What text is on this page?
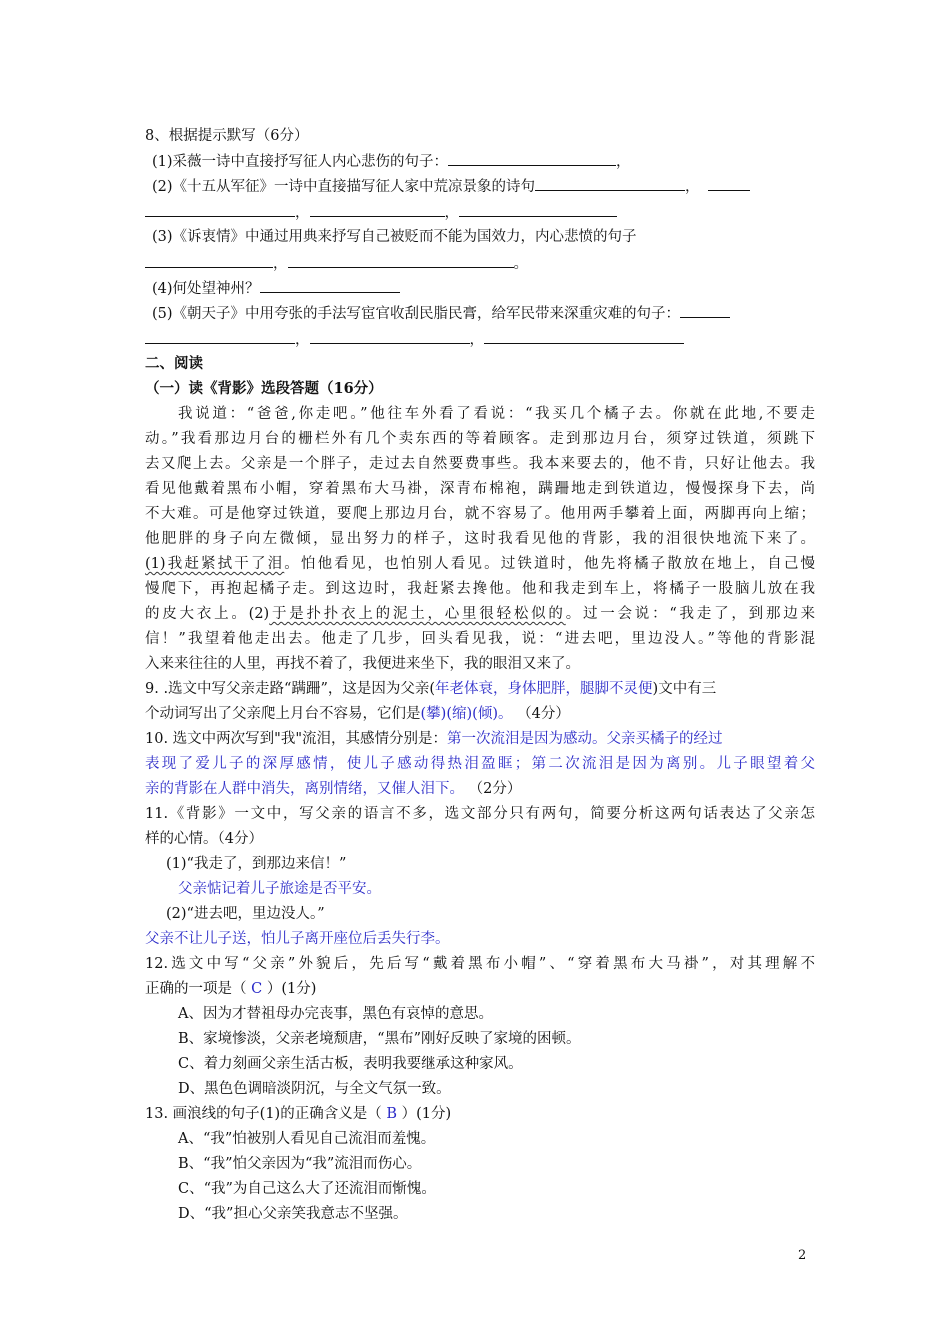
8、根据提示默写（6分）
(1)采薇一诗中直接抒写征人内心悲伤的句子：	，
(2)《十五从军征》一诗中直接描写征人家中荒凉景象的诗句	，
，	，
(3)《诉衷情》中通过用典来抒写自己被贬而不能为国效力，内心悲愤的句子
，	。
(4)何处望神州？
(5)《朝天子》中用夸张的手法写宦官收刮民脂民膏，给军民带来深重灾难的句子：
，	，
二、阅读
（一）读《背影》选段答题（16分）
我说道：“爸爸,你走吧。”他往车外看了看说：“我买几个橘子去。你就在此地,不要走
动。”我看那边月台的栅栏外有几个卖东西的等着顾客。走到那边月台，须穿过铁道，须跳下
去又爬上去。父亲是一个胖子，走过去自然要费事些。我本来要去的，他不肯，只好让他去。我
看见他戴着黑布小帽，穿着黑布大马褂，深青布棉袍，蹒跚地走到铁道边，慢慢探身下去，尚
不大难。可是他穿过铁道，要爬上那边月台，就不容易了。他用两手攀着上面，两脚再向上缩；
他肥胖的身子向左微倾，显出努力的样子，这时我看见他的背影，我的泪很快地流下来了。
(1)我赶紧拭干了泪。怕他看见，也怕别人看见。过铁道时，他先将橘子散放在地上，自己慢
慢爬下，再抱起橘子走。到这边时，我赶紧去搀他。他和我走到车上，将橘子一股脑儿放在我
的皮大衣上。(2)于是扑扑衣上的泥土，心里很轻松似的。过一会说：“我走了，到那边来
信！”我望着他走出去。他走了几步，回头看见我，说：“进去吧，里边没人。”等他的背影混
入来来往往的人里，再找不着了，我便进来坐下，我的眼泪又来了。
9. .选文中写父亲走路“蹒跚”，这是因为父亲(年老体衰，身体肥胖，腿脚不灵便)文中有三
个动词写出了父亲爬上月台不容易，它们是(攀)(缩)(倾)。 （4分）
10. 选文中两次写到"我"流泪，其感情分别是：第一次流泪是因为感动。父亲买橘子的经过
表现了爱儿子的深厚感情，使儿子感动得热泪盈眶；第二次流泪是因为离别。儿子眼望着父
亲的背影在人群中消失，离别情绪，又催人泪下。 （2分）
11.《背影》一文中，写父亲的语言不多，选文部分只有两句，简要分析这两句话表达了父亲怎
样的心情。（4分）
(1)“我走了，到那边来信！”
父亲惦记着儿子旅途是否平安。
(2)“进去吧，里边没人。”
父亲不让儿子送，怕儿子离开座位后丢失行李。
12.选文中写“父亲”外貌后，先后写“戴着黑布小帽”、“穿着黑布大马褂”，对其理解不
正确的一项是（ C ）(1分)
A、因为才替祖母办完丧事，黑色有哀悼的意思。
B、家境惨淡，父亲老境颓唐，“黑布”刚好反映了家境的困顿。
C、着力刻画父亲生活古板，表明我要继承这种家风。
D、黑色色调暗淡阴沉，与全文气氛一致。
13. 画浪线的句子(1)的正确含义是（ B ）(1分)
A、“我”怕被别人看见自己流泪而羞愧。
B、“我”怕父亲因为“我”流泪而伤心。
C、“我”为自己这么大了还流泪而惭愧。
D、“我”担心父亲笑我意志不坚强。
2
